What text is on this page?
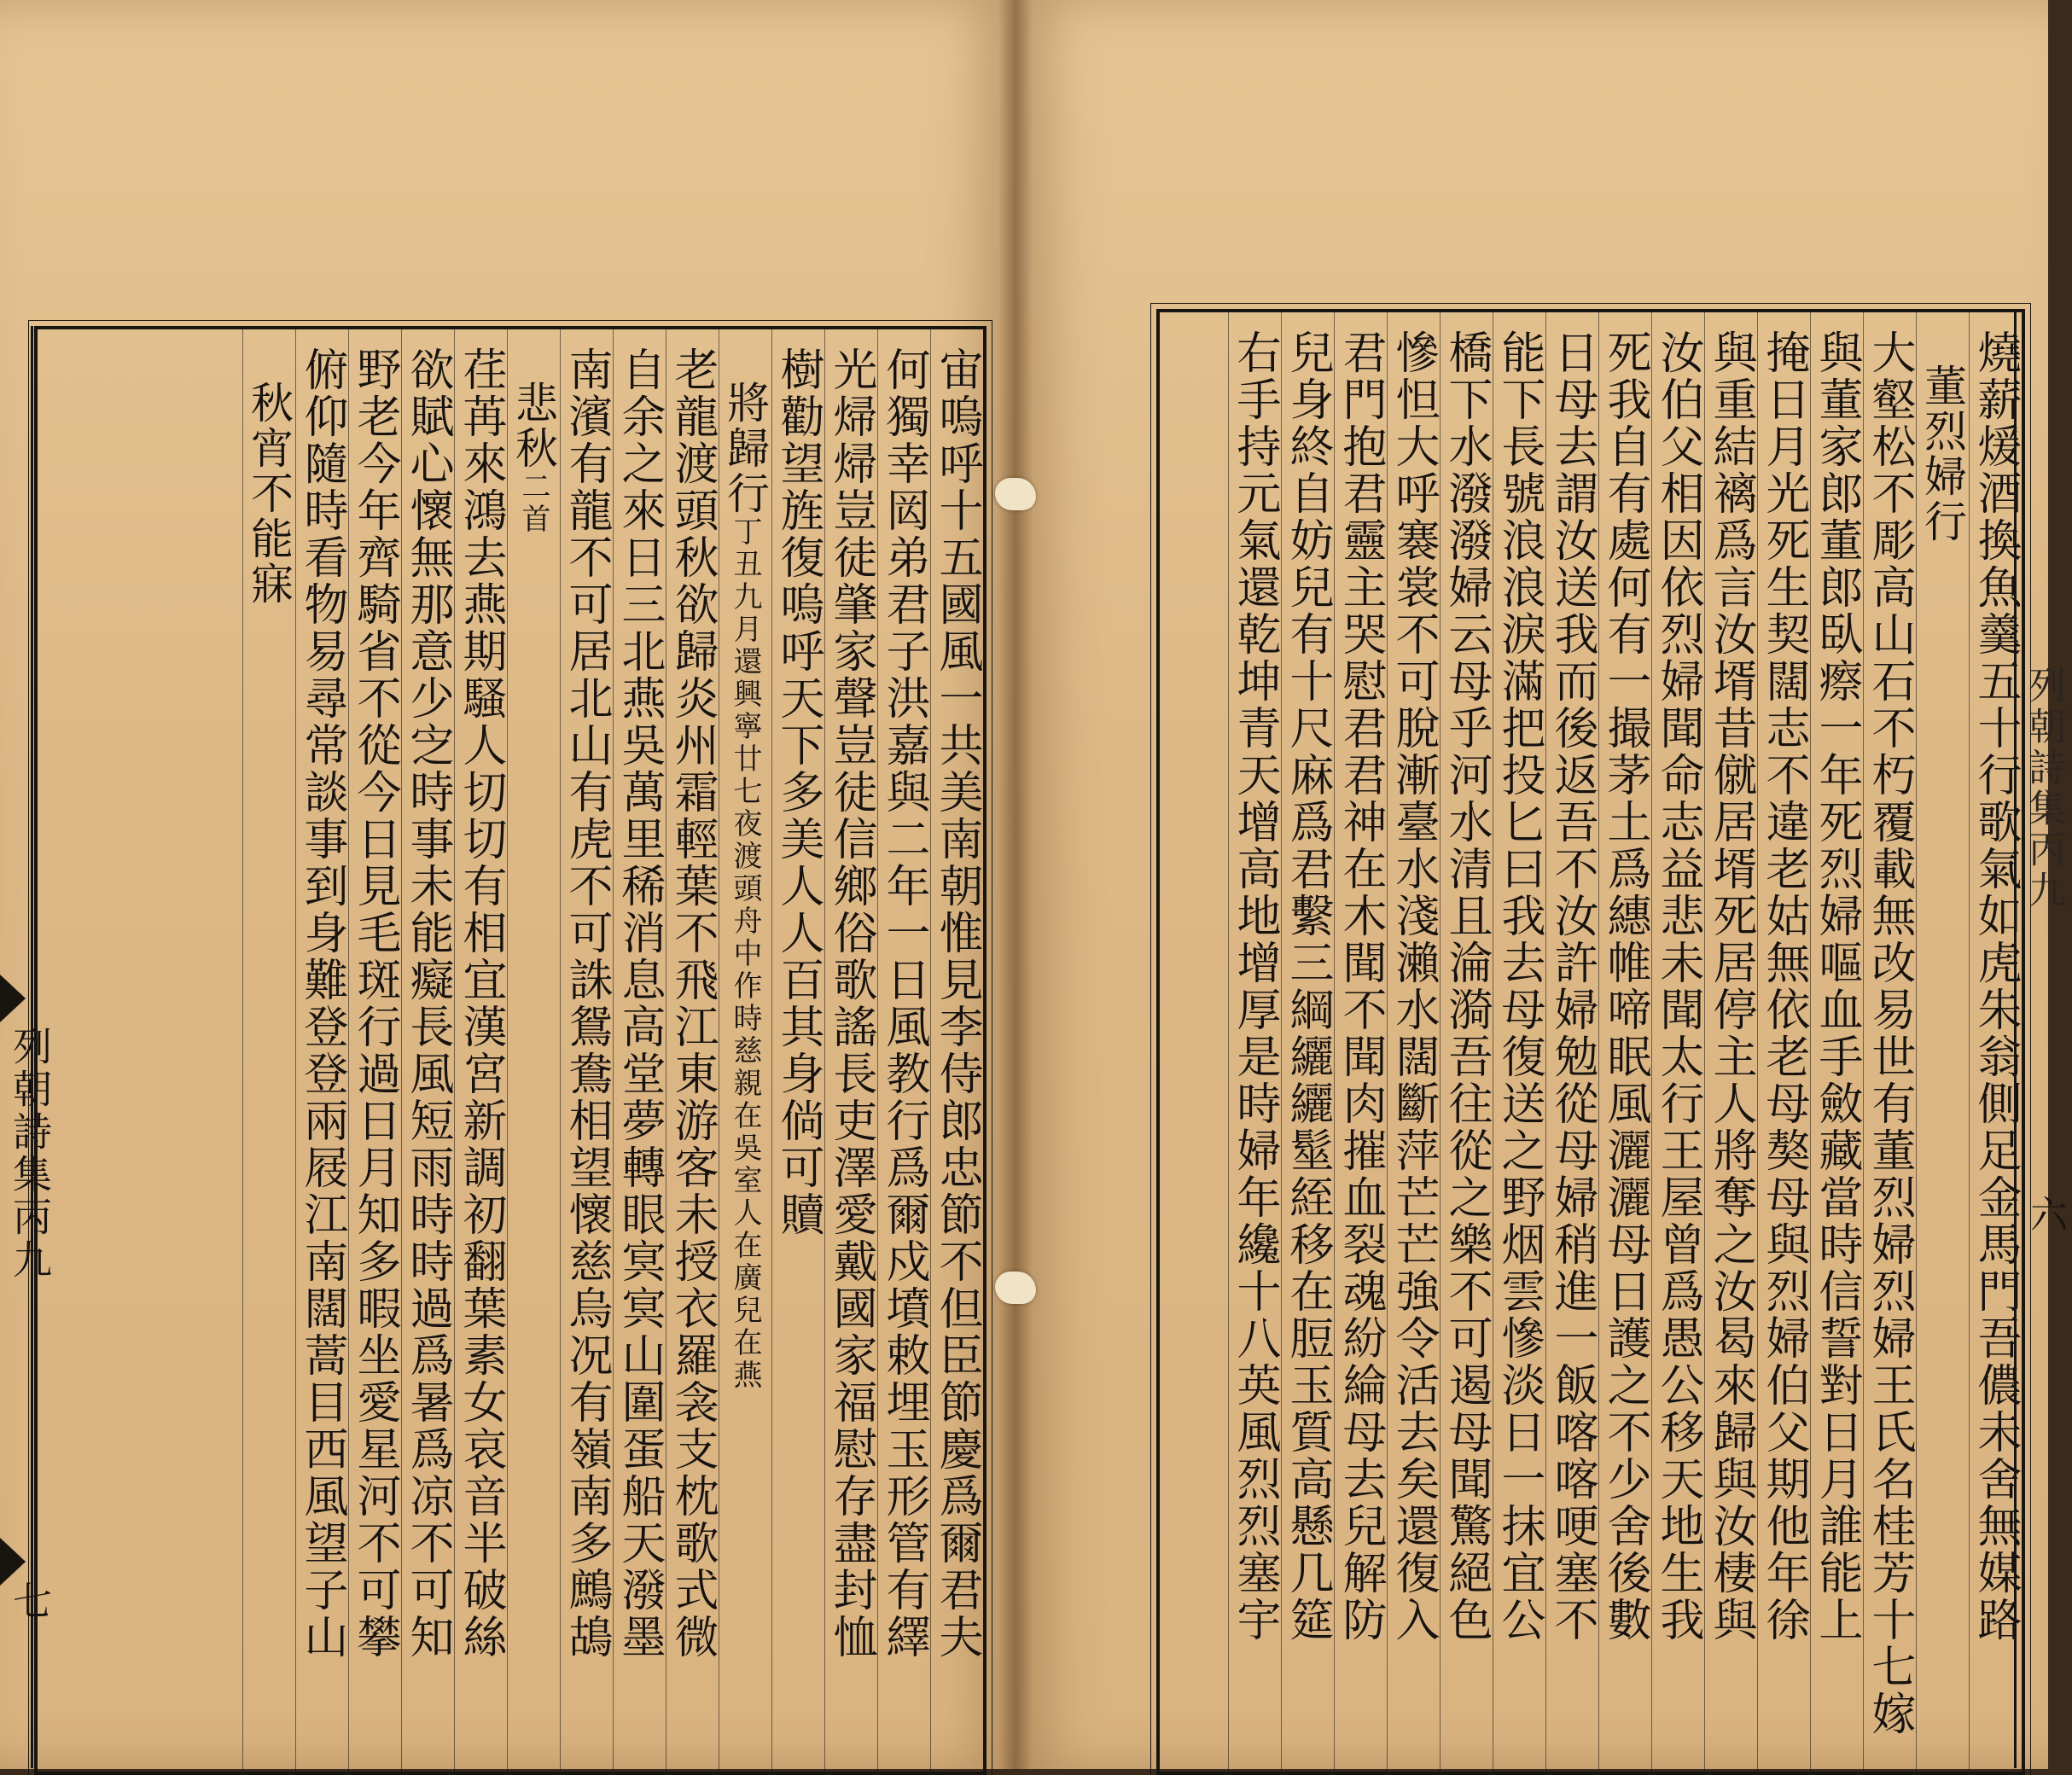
列朝詩集丙九
七	宙嗚呼十五國風一共美南朝惟見李侍郎忠節不但臣節慶爲爾君夫
何獨幸㒺弟君子洪嘉與二年一日風教行爲爾戍墳敕埋玉形管有繹
光㷌㷌豈徒肇家聲豈徒信鄉俗歌謠長吏澤愛戴國家福慰存盡封恤
樹勸望旌復嗚呼天下多美人人百其身倘可贖
將歸行丁丑九月還興寧廿七夜渡頭舟中作時慈親在吳室人在廣兒在燕
老龍渡頭秋欲歸炎州霜輕葉不飛江東游客未授衣羅衾支枕歌式微
自余之來日三北燕吳萬里稀消息高堂夢轉眼㝠㝠山圍蛋船天潑墨
南濱有龍不可居北山有虎不可誅鴛鴦相望懷慈烏况有嶺南多鷓鴣
悲秋二首
荏苒來鴻去燕期騷人切切有相宜漢宮新調初翻葉素女哀音半破絲
欲賦心懷無那意少㝎時事未能癡長風短雨時時過爲暑爲凉不可知
野老今年齊騎省不從今日見毛斑行過日月知多暇坐愛星河不可攀
俯仰隨時看物易尋常談事到身難登登兩屐江南闊蒿目西風望子山
秋宵不能寐	燒薪煖酒換魚羹五十行歌氣如虎朱翁側足金馬門吾儂未舍無媒路
董烈婦行
大壑松不彫高山石不朽覆載無改易世有董烈婦烈婦王氏名桂芳十七嫁
與董家郎董郎臥瘵一年死烈婦嘔血手斂藏當時信誓對日月誰能上
掩日月光死生契闊志不違老姑無依老母獒母與烈婦伯父期他年徐
與重結褵爲言汝壻昔僦居壻死居停主人將奪之汝曷來歸與汝棲與
汝伯父相因依烈婦聞命志益悲未聞太行王屋曾爲愚公移天地生我
死我自有處何有一撮茅土爲繐帷啼眠風灑灑母日護之不少舍後數
日母去謂汝送我而後返吾不汝許婦勉從母婦稍進一飯喀喀哽塞不
能下長號浪浪淚滿把投匕曰我去母復送之野烟雲慘淡日一抹宜公
橋下水潑潑婦云母乎河水清且淪漪吾往從之樂不可遏母聞驚絕色
慘怛大呼褰裳不可脫漸臺水淺瀨水闊斷萍芒芒強令活去矣還復入
君門抱君靈主哭慰君君神在木聞不聞肉摧血裂魂紛綸母去兒解防
兒身終自妨兒有十尺麻爲君繫三綱纚纚髽絰移在脰玉質高懸几筵
右手持元氣還乾坤青天增高地增厚是時婦年纔十八英風烈烈塞宇	列朝詩集丙九
六
